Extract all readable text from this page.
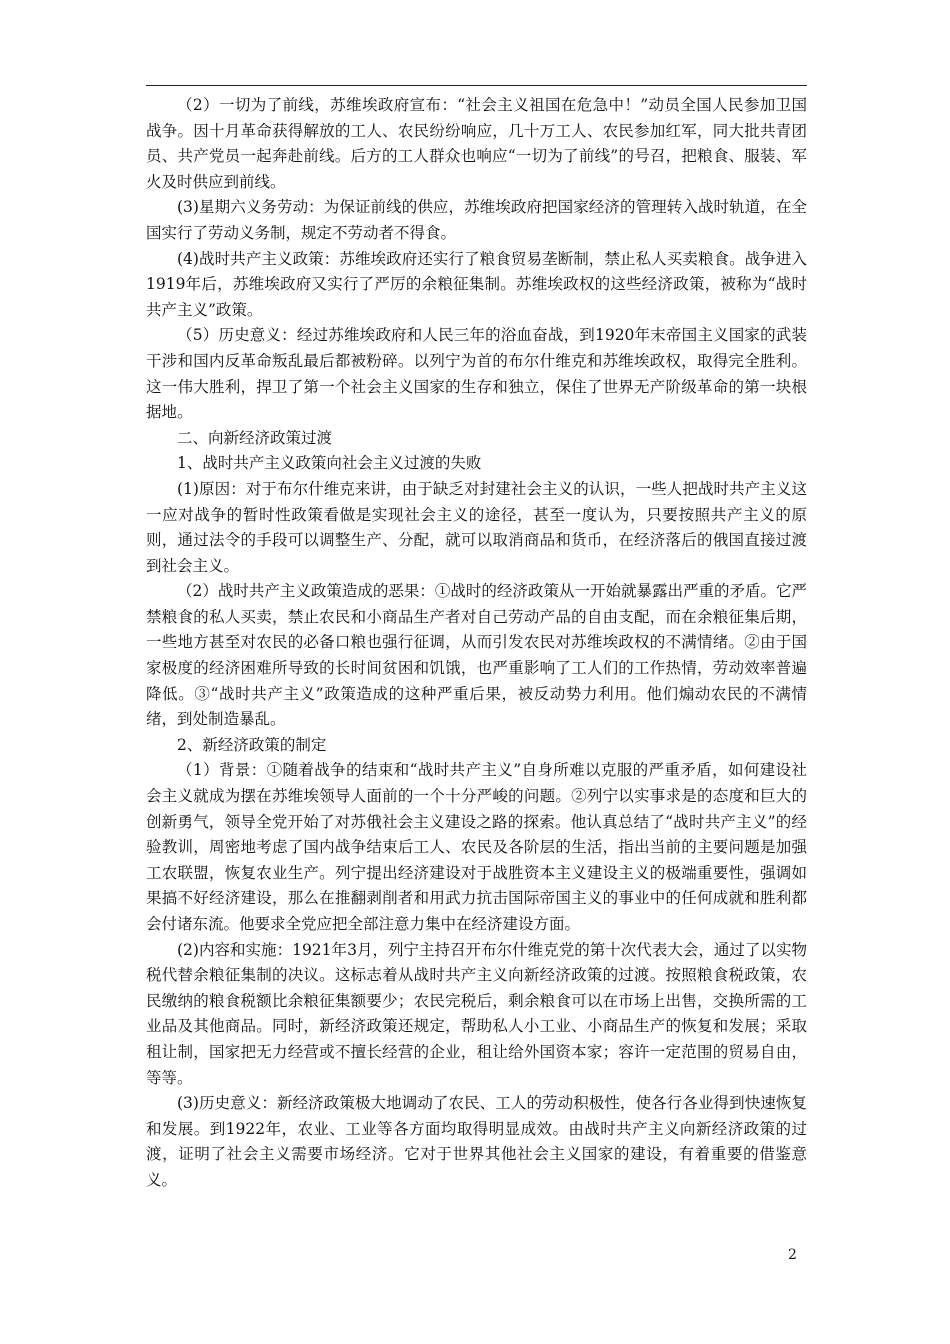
（2）一切为了前线，苏维埃政府宣布：“社会主义祖国在危急中！”动员全国人民参加卫国战争。因十月革命获得解放的工人、农民纷纷响应，几十万工人、农民参加红军，同大批共青团员、共产党员一起奔赴前线。后方的工人群众也响应“一切为了前线”的号召，把粮食、服装、军火及时供应到前线。

(3)星期六义务劳动：为保证前线的供应，苏维埃政府把国家经济的管理转入战时轨道，在全国实行了劳动义务制，规定不劳动者不得食。

(4)战时共产主义政策：苏维埃政府还实行了粮食贸易垄断制，禁止私人买卖粮食。战争进入1919年后，苏维埃政府又实行了严厉的余粮征集制。苏维埃政权的这些经济政策，被称为“战时共产主义”政策。

（5）历史意义：经过苏维埃政府和人民三年的浴血奋战，到1920年末帝国主义国家的武装干涉和国内反革命叛乱最后都被粉碎。以列宁为首的布尔什维克和苏维埃政权，取得完全胜利。这一伟大胜利，捍卫了第一个社会主义国家的生存和独立，保住了世界无产阶级革命的第一块根据地。

二、向新经济政策过渡

1、战时共产主义政策向社会主义过渡的失败

(1)原因：对于布尔什维克来讲，由于缺乏对封建社会主义的认识，一些人把战时共产主义这一应对战争的暂时性政策看做是实现社会主义的途径，甚至一度认为，只要按照共产主义的原则，通过法令的手段可以调整生产、分配，就可以取消商品和货币，在经济落后的俄国直接过渡到社会主义。

（2）战时共产主义政策造成的恶果：①战时的经济政策从一开始就暴露出严重的矛盾。它严禁粮食的私人买卖，禁止农民和小商品生产者对自己劳动产品的自由支配，而在余粮征集后期，一些地方甚至对农民的必备口粮也强行征调，从而引发农民对苏维埃政权的不满情绪。②由于国家极度的经济困难所导致的长时间贫困和饥饿，也严重影响了工人们的工作热情，劳动效率普遍降低。③“战时共产主义”政策造成的这种严重后果，被反动势力利用。他们煽动农民的不满情绪，到处制造暴乱。

2、新经济政策的制定

（1）背景：①随着战争的结束和“战时共产主义”自身所难以克服的严重矛盾，如何建设社会主义就成为摆在苏维埃领导人面前的一个十分严峻的问题。②列宁以实事求是的态度和巨大的创新勇气，领导全党开始了对苏俄社会主义建设之路的探索。他认真总结了“战时共产主义”的经验教训，周密地考虑了国内战争结束后工人、农民及各阶层的生活，指出当前的主要问题是加强工农联盟，恢复农业生产。列宁提出经济建设对于战胜资本主义建设主义的极端重要性，强调如果搞不好经济建设，那么在推翻剥削者和用武力抗击国际帝国主义的事业中的任何成就和胜利都会付诸东流。他要求全党应把全部注意力集中在经济建设方面。

(2)内容和实施：1921年3月，列宁主持召开布尔什维克党的第十次代表大会，通过了以实物税代替余粮征集制的决议。这标志着从战时共产主义向新经济政策的过渡。按照粮食税政策，农民缴纳的粮食税额比余粮征集额要少；农民完税后，剩余粮食可以在市场上出售，交换所需的工业品及其他商品。同时，新经济政策还规定，帮助私人小工业、小商品生产的恢复和发展；采取租让制，国家把无力经营或不擅长经营的企业，租让给外国资本家；容许一定范围的贸易自由，等等。

(3)历史意义：新经济政策极大地调动了农民、工人的劳动积极性，使各行各业得到快速恢复和发展。到1922年，农业、工业等各方面均取得明显成效。由战时共产主义向新经济政策的过渡，证明了社会主义需要市场经济。它对于世界其他社会主义国家的建设，有着重要的借鉴意义。

2
